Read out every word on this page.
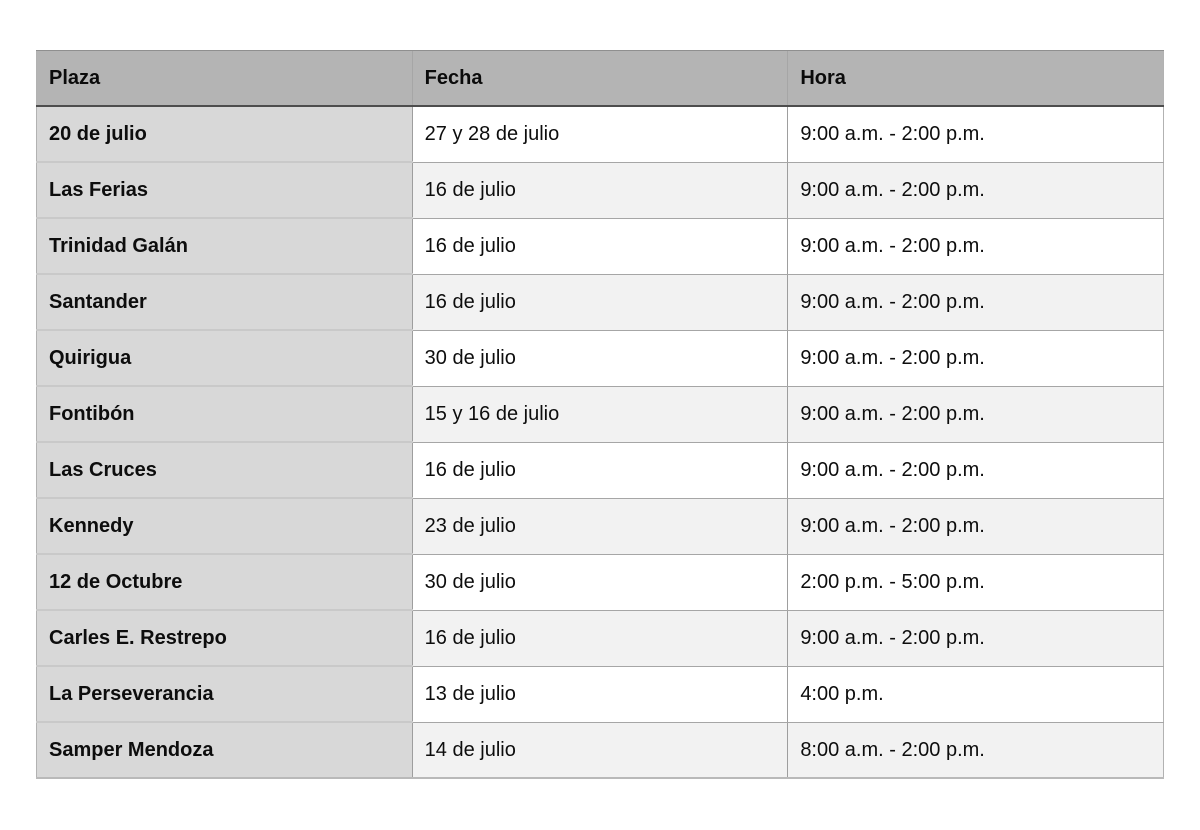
Plaza	Fecha	Hora
20 de julio	27 y 28 de julio	9:00 a.m. - 2:00 p.m.
Las Ferias	16 de julio	9:00 a.m. - 2:00 p.m.
Trinidad Galán	16 de julio	9:00 a.m. - 2:00 p.m.
Santander	16 de julio	9:00 a.m. - 2:00 p.m.
Quirigua	30 de julio	9:00 a.m. - 2:00 p.m.
Fontibón	15 y 16 de julio	9:00 a.m. - 2:00 p.m.
Las Cruces	16 de julio	9:00 a.m. - 2:00 p.m.
Kennedy	23 de julio	9:00 a.m. - 2:00 p.m.
12 de Octubre	30 de julio	2:00 p.m. - 5:00 p.m.
Carles E. Restrepo	16 de julio	9:00 a.m. - 2:00 p.m.
La Perseverancia	13 de julio	4:00 p.m.
Samper Mendoza	14 de julio	8:00 a.m. - 2:00 p.m.
